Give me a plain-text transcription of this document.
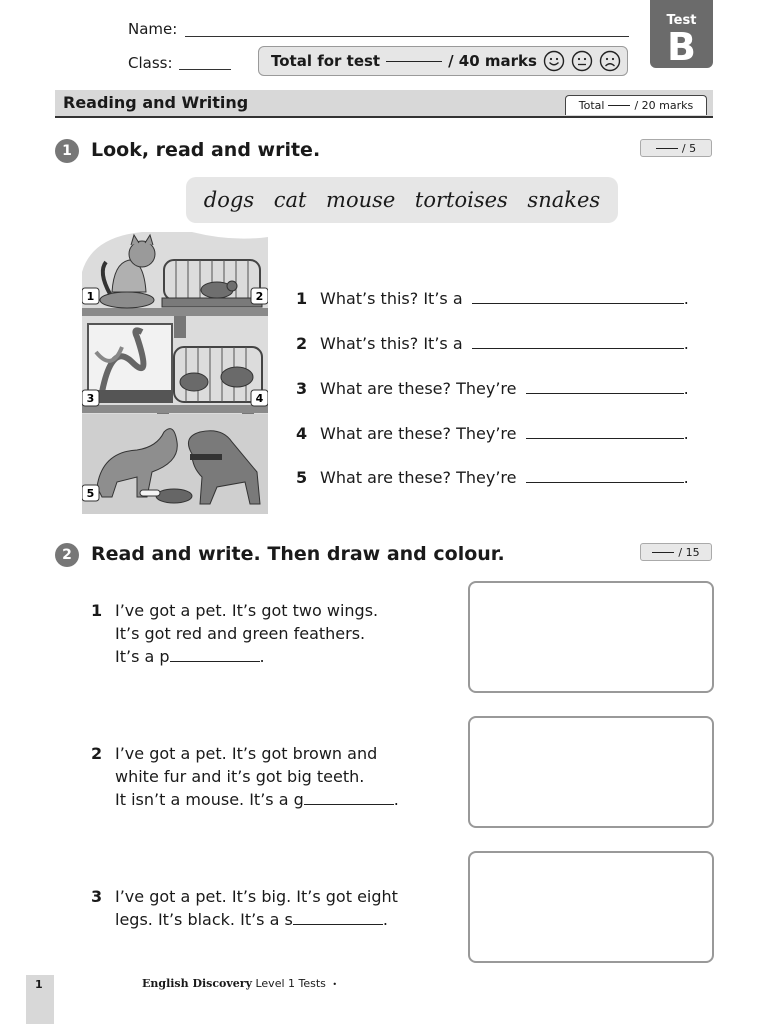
Name:
Class:	Total for test	/ 40 marks
Test
B
Reading and Writing	Total	/ 20 marks
1	Look, read and write.	/ 5
dogs cat mouse tortoises snakes
1	2
3	4
5
1 What’s this? It’s a	.
2 What’s this? It’s a	.
3 What are these? They’re	.
4 What are these? They’re	.
5 What are these? They’re	.
2	Read and write. Then draw and colour.	/ 15
1 I’ve got a pet. It’s got two wings.
It’s got red and green feathers.
It’s a p	.
2 I’ve got a pet. It’s got brown and
white fur and it’s got big teeth.
It isn’t a mouse. It’s a g	.
3 I’ve got a pet. It’s big. It’s got eight
legs. It’s black. It’s a s	.
1	English Discovery Level 1 Tests •
